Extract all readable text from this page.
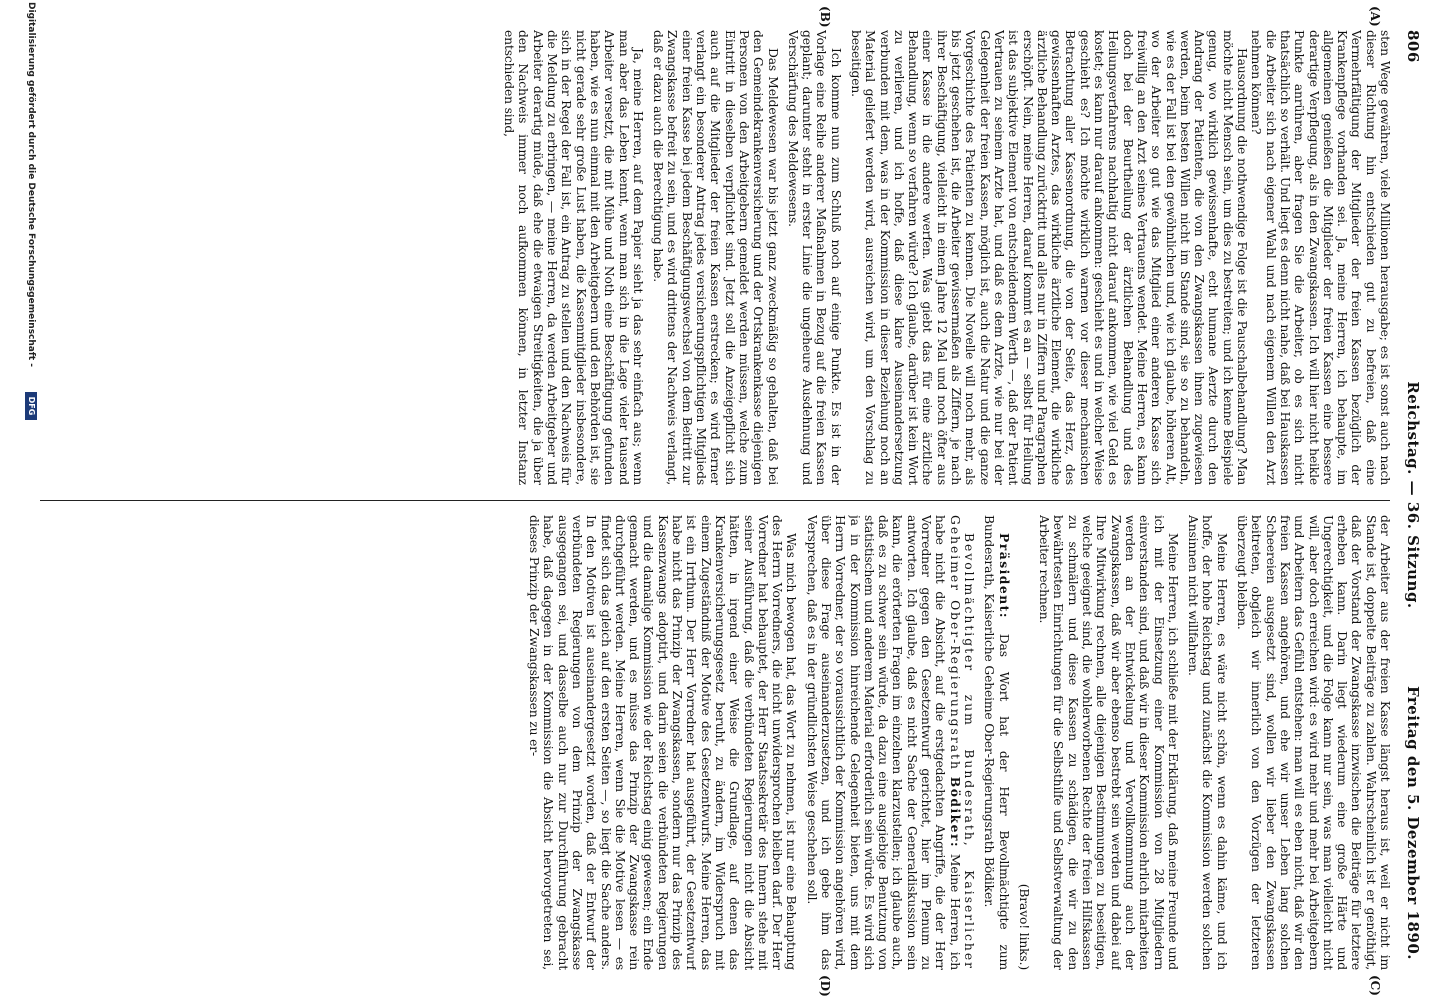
806
Reichstag. — 36. Sitzung.
Freitag den 5. Dezember 1890.
(A)
(B)
(C)
(D)

sten Wege gewähren, viele Millionen herausgabe; es ist sonst auch nach dieser Richtung hin entschieden gut zu befreien, daß eine Vermehrfältigung der Mitglieder der freien Kassen bezüglich der Krankenpflege vorhanden sei. Ja, meine Herren, ich behaupte, im allgemeinen genießen die Mitglieder der freien Kassen eine bessere derartige Verpflegung, als in den Zwangskassen. Ich will hier nicht heikle Punkte anrühren, aber fragen Sie die Arbeiter, ob es sich nicht thatsächlich so verhält. Und liegt es denn nicht nahe, daß bei Hauskassen die Arbeiter sich nach eigener Wahl und nach eigenem Willen den Arzt nehmen können?

Hausordnung die nothwendige Folge ist die Pauschalbehandlung? Man möchte nicht Mensch sein, um dies zu bestreiten; und ich kenne Beispiele genug, wo wirklich gewissenhafte, echt humane Aerzte durch den Andrang der Patienten, die von den Zwangskassen ihnen zugewiesen werden, beim besten Willen nicht im Stande sind, sie so zu behandeln, wie es der Fall ist bei den gewöhnlichen und, wie ich glaube, höheren Alt, wo der Arbeiter so gut wie das Mitglied einer anderen Kasse sich freiwillig an den Arzt seines Vertrauens wendet. Meine Herren, es kann doch bei der Beurtheilung der ärztlichen Behandlung und des Heilungsverfahrens nachhaltig nicht darauf ankommen, wie viel Geld es kostet; es kann nur darauf ankommen: geschieht es und in welcher Weise geschieht es? Ich möchte wirklich warnen vor dieser mechanischen Betrachtung aller Kassenordnung, die von der Seite, das Herz, des gewissenhaften Arztes, das wirkliche ärztliche Element, die wirkliche ärztliche Behandlung zurücktritt und alles nur in Ziffern und Paragraphen erschöpft. Nein, meine Herren, darauf kommt es an — selbst für Heilung ist das subjektive Element von entscheidendem Werth —, daß der Patient Vertrauen zu seinem Arzte hat, und daß es dem Arzte, wie nur bei der Gelegenheit der freien Kassen, möglich ist, auch die Natur und die ganze Vorgeschichte des Patienten zu kennen. Die Novelle will noch mehr, als bis jetzt geschehen ist, die Arbeiter gewissermaßen als Ziffern, je nach ihrer Beschäftigung, vielleicht in einem Jahre 12 Mal und noch öfter aus einer Kasse in die andere werfen. Was giebt das für eine ärztliche Behandlung, wenn so verfahren würde? Ich glaube, darüber ist kein Wort zu verlieren, und ich hoffe, daß diese klare Auseinandersetzung verbunden mit dem, was in der Kommission in dieser Beziehung noch an Material geliefert werden wird, ausreichen wird, um den Vorschlag zu beseitigen.

Ich komme nun zum Schluß noch auf einige Punkte. Es ist in der Vorlage eine Reihe anderer Maßnahmen in Bezug auf die freien Kassen geplant; darunter steht in erster Linie die ungeheure Ausdehnung und Verschärfung des Meldewesens.

Das Meldewesen war bis jetzt ganz zweckmäßig so gehalten, daß bei den Gemeindekrankenversicherung und der Ortskrankenkasse diejenigen Personen von den Arbeitgebern gemeldet werden müssen, welche zum Eintritt in dieselben verpflichtet sind. Jetzt soll die Anzeigepflicht sich auch auf die Mitglieder der freien Kassen erstrecken; es wird ferner verlangt ein besonderer Antrag jedes versicherungspflichtigen Mitglieds einer freien Kasse bei jedem Beschäftigungswechsel von dem Beitritt zur Zwangskasse befreit zu sein, und es wird drittens der Nachweis verlangt, daß er dazu auch die Berechtigung habe.

Ja, meine Herren, auf dem Papier sieht ja das sehr einfach aus; wenn man aber das Leben kennt, wenn man sich in die Lage vieler tausend Arbeiter versetzt, die mit Mühe und Noth eine Beschäftigung gefunden haben, wie es nun einmal mit den Arbeitgebern und den Behörden ist, sie nicht gerade sehr große Lust haben, die Kassenmitglieder insbesondere, sich in der Regel der Fall ist, ein Antrag zu stellen und den Nachweis für die Meldung zu erbringen, — meine Herren, da werden Arbeitgeber und Arbeiter derartig müde, daß ehe die etwaigen Streitigkeiten, die ja über den Nachweis immer noch aufkommen können, in letzter Instanz entschieden sind,

der Arbeiter aus der freien Kasse längst heraus ist, weil er nicht im Stande ist, doppelte Beiträge zu zahlen. Wahrscheinlich ist er genöthigt, daß der Vorstand der Zwangskasse inzwischen die Beiträge für letztere erheben kann. Darin liegt wiederum eine große Härte und Ungerechtigkeit, und die Folge kann nur sein, was man vielleicht nicht will, aber doch erreichen wird: es wird mehr und mehr bei Arbeitgebern und Arbeitern das Gefühl entstehen: man will es eben nicht, daß wir den freien Kassen angehören, und ehe wir unser Leben lang solchen Scheereien ausgesetzt sind, wollen wir lieber den Zwangskassen beitreten, obgleich wir innerlich von den Vorzügen der letzteren überzeugt bleiben.

Meine Herren, es wäre nicht schön, wenn es dahin käme, und ich hoffe, der hohe Reichstag und zunächst die Kommission werden solchen Ansinnen nicht willfahren.

Meine Herren, ich schließe mit der Erklärung, daß meine Freunde und ich mit der Einsetzung einer Kommission von 28 Mitgliedern einverstanden sind, und daß wir in dieser Kommission ehrlich mitarbeiten werden an der Entwickelung und Vervollkommnung auch der Zwangskassen, daß wir aber ebenso bestrebt sein werden und dabei auf Ihre Mitwirkung rechnen, alle diejenigen Bestimmungen zu beseitigen, welche geeignet sind, die wohlerworbenen Rechte der freien Hilfskassen zu schmälern und diese Kassen zu schädigen, die wir zu den bewährtesten Einrichtungen für die Selbsthilfe und Selbstverwaltung der Arbeiter rechnen.

(Bravo! links.)

Präsident: Das Wort hat der Herr Bevollmächtigte zum Bundesrath, Kaiserliche Geheime Ober-Regierungsrath Bödiker.

Bevollmächtigter zum Bundesrath, Kaiserlicher Geheimer Ober-Regierungsrath Bödiker: Meine Herren, ich habe nicht die Absicht, auf die erstgedachten Angriffe, die der Herr Vorredner gegen den Gesetzentwurf gerichtet, hier im Plenum zu antworten. Ich glaube, daß es nicht Sache der Generaldiskussion sein kann, die erörterten Fragen im einzelnen klarzustellen; ich glaube auch, daß es zu schwer sein würde, da dazu eine ausgiebige Benutzung von statistischem und anderem Material erforderlich sein würde. Es wird sich ja in der Kommission hinreichende Gelegenheit bieten, uns mit dem Herrn Vorredner, der so voraussichtlich der Kommission angehören wird, über diese Frage auseinanderzusetzen, und ich gebe ihm das Versprechen, daß es in der gründlichsten Weise geschehen soll.

Was mich bewogen hat, das Wort zu nehmen, ist nur eine Behauptung des Herrn Vorredners, die nicht unwidersprochen bleiben darf. Der Herr Vorredner hat behauptet, der Herr Staatssekretär des Innern stehe mit seiner Ausführung, daß die verbündeten Regierungen nicht die Absicht hätten, in irgend einer Weise die Grundlage, auf denen das Krankenversicherungsgesetz beruht, zu ändern, im Widerspruch mit einem Zugeständniß der Motive des Gesetzentwurfs. Meine Herren, das ist ein Irrthum. Der Herr Vorredner hat ausgeführt, der Gesetzentwurf habe nicht das Prinzip der Zwangskassen, sondern nur das Prinzip des Kassenzwangs adoptirt, und darin seien die verbündeten Regierungen und die damalige Kommission wie der Reichstag einig gewesen; ein Ende gemacht werden, und es müsse das Prinzip der Zwangskasse rein durchgeführt werden. Meine Herren, wenn Sie die Motive lesen — es findet sich das gleich auf den ersten Seiten —, so liegt die Sache anders. In den Motiven ist auseinandergesetzt worden, daß der Entwurf der verbündeten Regierungen von dem Prinzip der Zwangskasse ausgegangen sei, und dasselbe auch nur zur Durchführung gebracht habe, daß dagegen in der Kommission die Absicht hervorgetreten sei, dieses Prinzip der Zwangskassen zu er-

Digitalisierung gefördert durch die Deutsche Forschungsgemeinschaft -
DFG
